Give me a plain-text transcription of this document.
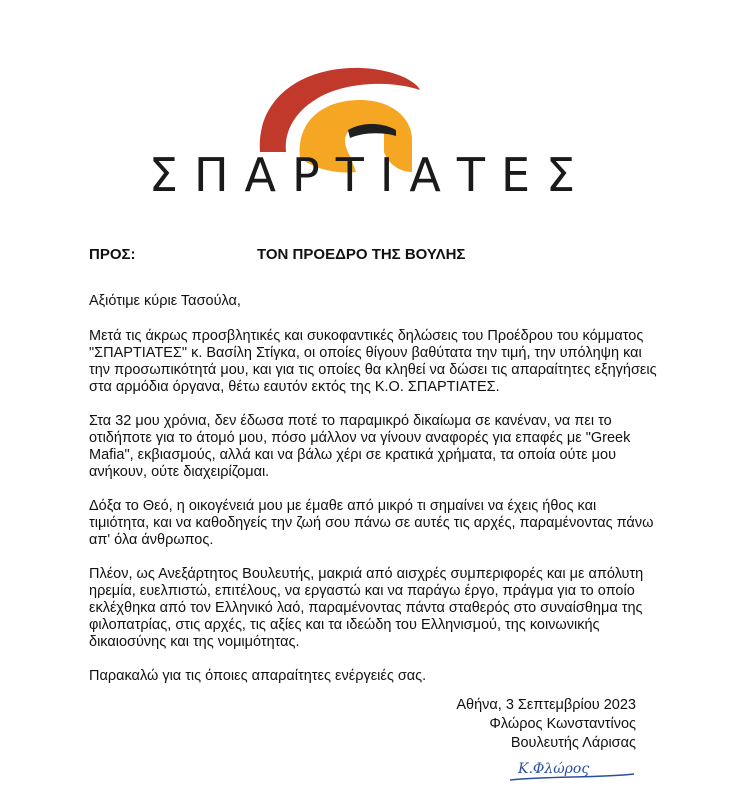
ΣΠΑΡΤΙΑΤΕΣ
ΠΡΟΣ:	ΤΟΝ ΠΡΟΕΔΡΟ ΤΗΣ ΒΟΥΛΗΣ

Αξιότιμε κύριε Τασούλα,

Μετά τις άκρως προσβλητικές και συκοφαντικές δηλώσεις του Προέδρου του κόμματος "ΣΠΑΡΤΙΑΤΕΣ" κ. Βασίλη Στίγκα, οι οποίες θίγουν βαθύτατα την τιμή, την υπόληψη και την προσωπικότητά μου, και για τις οποίες θα κληθεί να δώσει τις απαραίτητες εξηγήσεις στα αρμόδια όργανα, θέτω εαυτόν εκτός της Κ.Ο. ΣΠΑΡΤΙΑΤΕΣ.

Στα 32 μου χρόνια, δεν έδωσα ποτέ το παραμικρό δικαίωμα σε κανέναν, να πει το οτιδήποτε για το άτομό μου, πόσο μάλλον να γίνουν αναφορές για επαφές με "Greek Mafia", εκβιασμούς, αλλά και να βάλω χέρι σε κρατικά χρήματα, τα οποία ούτε μου ανήκουν, ούτε διαχειρίζομαι.

Δόξα το Θεό, η οικογένειά μου με έμαθε από μικρό τι σημαίνει να έχεις ήθος και τιμιότητα, και να καθοδηγείς την ζωή σου πάνω σε αυτές τις αρχές, παραμένοντας πάνω απ' όλα άνθρωπος.

Πλέον, ως Ανεξάρτητος Βουλευτής, μακριά από αισχρές συμπεριφορές και με απόλυτη ηρεμία, ευελπιστώ, επιτέλους, να εργαστώ και να παράγω έργο, πράγμα για το οποίο εκλέχθηκα από τον Ελληνικό λαό, παραμένοντας πάντα σταθερός στο συναίσθημα της φιλοπατρίας, στις αρχές, τις αξίες και τα ιδεώδη του Ελληνισμού, της κοινωνικής δικαιοσύνης και της νομιμότητας.

Παρακαλώ για τις όποιες απαραίτητες ενέργειές σας.

Αθήνα, 3 Σεπτεμβρίου 2023
Φλώρος Κωνσταντίνος
Βουλευτής Λάρισας
Κ.Φλώρος
